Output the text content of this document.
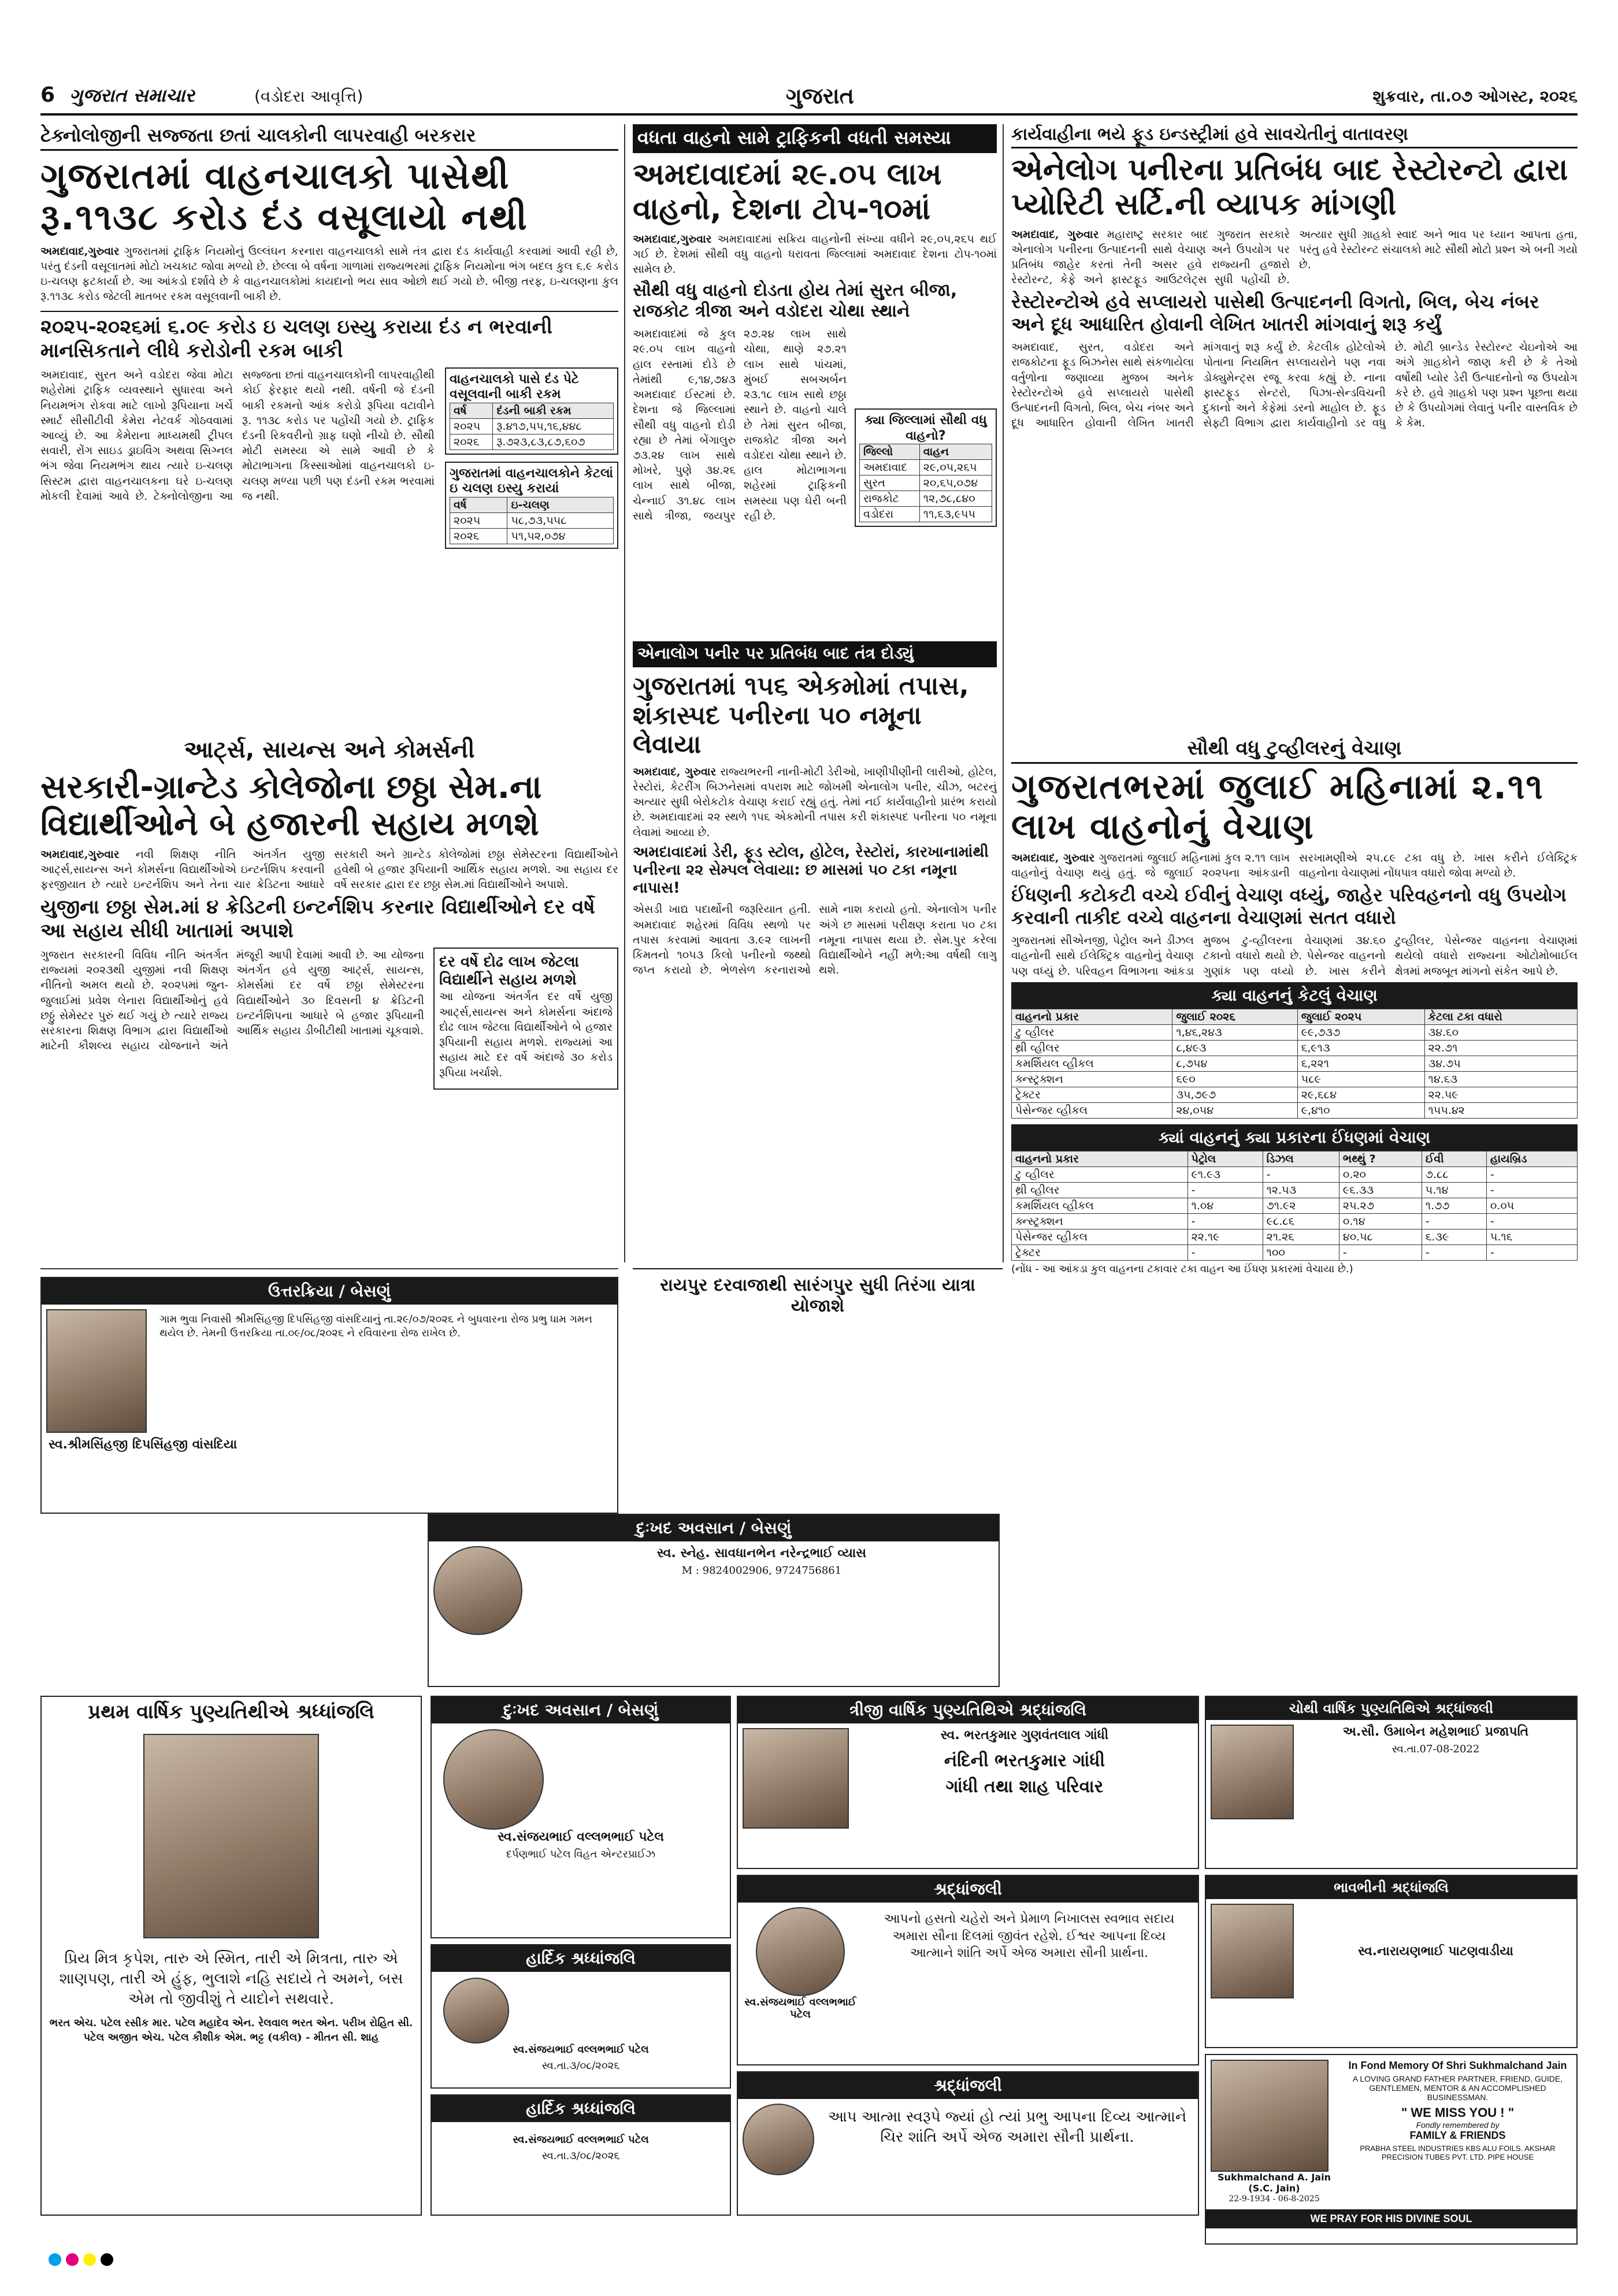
6 ગુજરાત સમાચાર	(વડોદરા આવૃત્તિ)	ગુજરાત	શુક્રવાર, તા.૦૭ ઓગસ્ટ, ૨૦૨૬
ટેક્નોલોજીની સજ્જતા છતાં ચાલકોની લાપરવાહી બરકરાર
ગુજરાતમાં વાહનચાલકો પાસેથી રૂ.૧૧૩૮ કરોડ દંડ વસૂલાયો નથી

અમદાવાદ,ગુરુવાર ગુજરાતમાં ટ્રાફિક નિયમોનું ઉલ્લંઘન કરનારા વાહનચાલકો સામે તંત્ર દ્વારા દંડ કાર્યવાહી કરવામાં આવી રહી છે, પરંતુ દંડની વસૂલાતમાં મોટો ખચકાટ જોવા મળ્યો છે. છેલ્લા બે વર્ષના ગાળામાં રાજ્યભરમાં ટ્રાફિક નિયમોના ભંગ બદલ કુલ ૬.૯ કરોડ ઇ-ચલણ ફટકાર્યા છે. આ આંકડો દર્શાવે છે કે વાહનચાલકોમાં કાયદાનો ભય સાવ ઓછો થઈ ગયો છે. બીજી તરફ, ઇ-ચલણના કુલ રૂ.૧૧૩૮ કરોડ જેટલી માતબર રકમ વસૂલવાની બાકી છે.

૨૦૨૫-૨૦૨૬માં ૬.૦૯ કરોડ ઇ ચલણ ઇસ્યુ કરાયા દંડ ન ભરવાની માનસિકતાને લીધે કરોડોની રકમ બાકી

અમદાવાદ, સુરત અને વડોદરા જેવા મોટા શહેરોમાં ટ્રાફિક વ્યવસ્થાને સુધારવા અને નિયમભંગ રોકવા માટે લાખો રૂપિયાના ખર્ચે સ્માર્ટ સીસીટીવી કેમેરા નેટવર્ક ગોઠવવામાં આવ્યું છે. આ કેમેરાના માધ્યમથી ટ્રીપલ સવારી, રોંગ સાઇડ ડ્રાઇવિંગ અથવા સિગ્નલ ભંગ જેવા નિયમભંગ થાય ત્યારે ઇ-ચલણ સિસ્ટમ દ્વારા વાહનચાલકના ઘરે ઇ-ચલણ મોકલી દેવામાં આવે છે. ટેક્નોલોજીના આ સજ્જતા છતાં વાહનચાલકોની લાપરવાહીથી કોઈ ફેરફાર થયો નથી. વર્ષની જે દંડની બાકી રકમનો આંક કરોડો રૂપિયા વટાવીને રૂ. ૧૧૩૮ કરોડ પર પહોંચી ગયો છે. ટ્રાફિક દંડની રિકવરીનો ગ્રાફ ઘણો નીચો છે. સૌથી મોટી સમસ્યા એ સામે આવી છે કે મોટાભાગના કિસ્સાઓમાં વાહનચાલકો ઇ-ચલણ મળ્યા પછી પણ દંડની રકમ ભરવામાં જ નથી.

વાહનચાલકો પાસે દંડ પેટે વસૂલવાની બાકી રકમ
વર્ષ	દંડની બાકી રકમ
૨૦૨૫	રૂ.૪૧૭,૫૫,૧૬,૪૪૮
૨૦૨૬	રૂ.૭૨૩,૮૩,૮૭,૬૦૭
ગુજરાતમાં વાહનચાલકોને કેટલાં ઇ ચલણ ઇસ્યુ કરાયાં
વર્ષ	ઇ-ચલણ
૨૦૨૫	૫૮,૭૩,૫૫૮
૨૦૨૬	૫૧,૫૨,૦૭૪
વધતા વાહનો સામે ટ્રાફિકની વધતી સમસ્યા
અમદાવાદમાં ૨૯.૦૫ લાખ વાહનો, દેશના ટોપ-૧૦માં

અમદાવાદ,ગુરુવાર અમદાવાદમાં સક્રિય વાહનોની સંખ્યા વધીને ૨૯,૦૫,૨૬૫ થઈ ગઈ છે. દેશમાં સૌથી વધુ વાહનો ધરાવતા જિલ્લામાં અમદાવાદ દેશના ટોપ-૧૦માં સામેલ છે.

સૌથી વધુ વાહનો દોડતા હોય તેમાં સુરત બીજા, રાજકોટ ત્રીજા અને વડોદરા ચોથા સ્થાને

અમદાવાદમાં જે કુલ ૨૯.૦૫ લાખ વાહનો હાલ રસ્તામાં દોડે છે તેમાંથી ૯,૧૪,૭૪૩ અમદાવાદ ઈસ્ટમાં છે. દેશના જે જિલ્લામાં સૌથી વધુ વાહનો દોડી રહ્યા છે તેમાં બેંગાલુરુ ૭૩.૨૪ લાખ સાથે મોખરે, પુણે ૩૪.૨૬ લાખ સાથે બીજા, ચેન્નાઈ ૩૧.૪૮ લાખ સાથે ત્રીજા, જયપુર ૨૭.૨૪ લાખ સાથે ચોથા, થાણે ૨૭.૨૧ લાખ સાથે પાંચમાં, મુંબઈ સબઅર્બન ૨૩.૧૮ લાખ સાથે છઠ્ઠા સ્થાને છે. વાહનો ચાલે છે તેમાં સુરત બીજા, રાજકોટ ત્રીજા અને વડોદરા ચોથા સ્થાને છે. હાલ મોટાભાગના શહેરમાં ટ્રાફિકની સમસ્યા પણ ઘેરી બની રહી છે.

ક્યા જિલ્લામાં સૌથી વધુ વાહનો?
જિલ્લો	વાહન
અમદાવાદ	૨૯,૦૫,૨૬૫
સુરત	૨૦,૬૫,૦૭૪
રાજકોટ	૧૨,૭૮,૮૪૦
વડોદરા	૧૧,૬૩,૯૫૫
એનાલોગ પનીર પર પ્રતિબંધ બાદ તંત્ર દોડ્યું
ગુજરાતમાં ૧૫૬ એકમોમાં તપાસ, શંકાસ્પદ પનીરના ૫૦ નમૂના લેવાયા

અમદાવાદ, ગુરુવાર રાજ્યભરની નાની-મોટી ડેરીઓ, ખાણીપીણીની લારીઓ, હોટેલ, રેસ્ટોરાં, કેટરીંગ બિઝનેસમાં વપરાશ માટે જોખમી એનાલોગ પનીર, ચીઝ, બટરનું અત્યાર સુધી બેરોકટોક વેચાણ કરાઈ રહ્યું હતું. તેમાં નઈ કાર્યવાહીનો પ્રારંભ કરાયો છે. અમદાવાદમાં ૨૨ સ્થળે ૧૫૬ એકમોની તપાસ કરી શંકાસ્પદ પનીરના ૫૦ નમૂના લેવામાં આવ્યા છે.

અમદાવાદમાં ડેરી, ફૂડ સ્ટોલ, હોટેલ, રેસ્ટોરાં, કારખાનામાંથી પનીરના ૨૨ સેમ્પલ લેવાયા: છ માસમાં ૫૦ ટકા નમૂના નાપાસ!

એસડી ખાદ્ય પદાર્થોની જરૂરિયાત હતી. અમદાવાદ શહેરમાં વિવિધ સ્થળો પર તપાસ કરવામાં આવતા ૩.૯૨ લાખની કિંમતનો ૧૦૫૩ કિલો પનીરનો જથ્થો જપ્ત કરાયો છે. ભેળસેળ કરનારાઓ સામે નાશ કરાયો હતો. એનાલોગ પનીર અંગે છ માસમાં પરીક્ષણ કરાતા ૫૦ ટકા નમૂના નાપાસ થયા છે. સેમ.પુર કરેલા વિદ્યાર્થીઓને નહીં મળે:આ વર્ષથી લાગુ થશે.

કાર્યવાહીના ભયે ફૂડ ઇન્ડસ્ટ્રીમાં હવે સાવચેતીનું વાતાવરણ
એનેલોગ પનીરના પ્રતિબંધ બાદ રેસ્ટોરન્ટો દ્વારા પ્યોરિટી સર્ટિ.ની વ્યાપક માંગણી

અમદાવાદ, ગુરુવાર મહારાષ્ટ્ર સરકાર બાદ ગુજરાત સરકારે એનાલોગ પનીરના ઉત્પાદનની સાથે વેચાણ અને ઉપયોગ પર પ્રતિબંધ જાહેર કરતાં તેની અસર હવે રાજ્યની હજારો રેસ્ટોરન્ટ, કેફે અને ફાસ્ટફૂડ આઉટલેટ્સ સુધી પહોંચી છે. અત્યાર સુધી ગ્રાહકો સ્વાદ અને ભાવ પર ધ્યાન આપતા હતા, પરંતુ હવે રેસ્ટોરન્ટ સંચાલકો માટે સૌથી મોટો પ્રશ્ન એ બની ગયો છે.

રેસ્ટોરન્ટોએ હવે સપ્લાયરો પાસેથી ઉત્પાદનની વિગતો, બિલ, બેચ નંબર અને દૂધ આધારિત હોવાની લેખિત ખાતરી માંગવાનું શરૂ કર્યું

અમદાવાદ, સુરત, વડોદરા અને રાજકોટના ફૂડ બિઝનેસ સાથે સંકળાયેલા વર્તુળોના જણાવ્યા મુજબ અનેક રેસ્ટોરન્ટોએ હવે સપ્લાયરો પાસેથી ઉત્પાદનની વિગતો, બિલ, બેચ નંબર અને દૂધ આધારિત હોવાની લેખિત ખાતરી માંગવાનું શરૂ કર્યું છે. કેટલીક હોટેલોએ પોતાના નિયમિત સપ્લાયરોને પણ નવા ડોક્યુમેન્ટ્સ રજૂ કરવા કહ્યું છે. નાના ફાસ્ટફૂડ સેન્ટરો, પિઝા-સેન્ડવિચની દુકાનો અને કેફેમાં ડરનો માહોલ છે. ફૂડ સેફ્ટી વિભાગ દ્વારા કાર્યવાહીનો ડર વધુ છે. મોટી બ્રાન્ડેડ રેસ્ટોરન્ટ ચેઇનોએ આ અંગે ગ્રાહકોને જાણ કરી છે કે તેઓ વર્ષોથી પ્યોર ડેરી ઉત્પાદનોનો જ ઉપયોગ કરે છે. હવે ગ્રાહકો પણ પ્રશ્ન પૂછતા થયા છે કે ઉપયોગમાં લેવાતું પનીર વાસ્તવિક છે કે કેમ.

આર્ટ્સ, સાયન્સ અને કોમર્સની
સરકારી-ગ્રાન્ટેડ કોલેજોના છઠ્ઠા સેમ.ના વિદ્યાર્થીઓને બે હજારની સહાય મળશે

અમદાવાદ,ગુરુવાર નવી શિક્ષણ નીતિ અંતર્ગત યુજી આર્ટ્સ,સાયન્સ અને કોમર્સના વિદ્યાર્થીઓએ ઇન્ટર્નશિપ કરવાની ફરજીયાત છે ત્યારે ઇન્ટર્નશિપ અને તેના ચાર ક્રેડિટના આધારે સરકારી અને ગ્રાન્ટેડ કોલેજોમાં છઠ્ઠા સેમેસ્ટરના વિદ્યાર્થીઓને હવેથી બે હજાર રૂપિયાની આર્થિક સહાય મળશે. આ સહાય દર વર્ષે સરકાર દ્વારા દર છઠ્ઠા સેમ.માં વિદ્યાર્થીઓને અપાશે.

યુજીના છઠ્ઠા સેમ.માં ૪ ક્રેડિટની ઇન્ટર્નશિપ કરનાર વિદ્યાર્થીઓને દર વર્ષે આ સહાય સીધી ખાતામાં અપાશે

ગુજરાત સરકારની વિવિધ નીતિ અંતર્ગત રાજ્યમાં ૨૦૨૩થી યુજીમાં નવી શિક્ષણ નીતિનો અમલ થયો છે. ૨૦૨૫માં જુન-જુલાઈમાં પ્રવેશ લેનારા વિદ્યાર્થીઓનું હવે છઠ્ઠું સેમેસ્ટર પુરું થઈ ગયું છે ત્યારે રાજ્ય સરકારના શિક્ષણ વિભાગ દ્વારા વિદ્યાર્થીઓ માટેની કૌશલ્ય સહાય યોજનાને અંતે મંજૂરી આપી દેવામાં આવી છે. આ યોજના અંતર્ગત હવે યુજી આર્ટ્સ, સાયન્સ, કોમર્સમાં દર વર્ષે છઠ્ઠા સેમેસ્ટરના વિદ્યાર્થીઓને ૩૦ દિવસની ૪ ક્રેડિટની ઇન્ટર્નશિપના આધારે બે હજાર રૂપિયાની આર્થિક સહાય ડીબીટીથી ખાતામાં ચૂકવાશે.

દર વર્ષે દોઢ લાખ જેટલા વિદ્યાર્થીને સહાય મળશે

આ યોજના અંતર્ગત દર વર્ષે યુજી આર્ટ્સ,સાયન્સ અને કોમર્સના અંદાજે દોઢ લાખ જેટલા વિદ્યાર્થીઓને બે હજાર રૂપિયાની સહાય મળશે. રાજ્યમાં આ સહાય માટે દર વર્ષે અંદાજે ૩૦ કરોડ રૂપિયા ખર્ચાશે.

સૌથી વધુ ટુવ્હીલરનું વેચાણ
ગુજરાતભરમાં જુલાઈ મહિનામાં ૨.૧૧ લાખ વાહનોનું વેચાણ

અમદાવાદ, ગુરુવાર ગુજરાતમાં જુલાઈ મહિનામાં કુલ ૨.૧૧ લાખ વાહનોનું વેચાણ થયું હતું. જે જુલાઈ ૨૦૨૫ના આંકડાની સરખામણીએ ૨૫.૮૯ ટકા વધુ છે. ખાસ કરીને ઈલેક્ટ્રિક વાહનોના વેચાણમાં નોંધપાત્ર વધારો જોવા મળ્યો છે.

ઈંધણની કટોકટી વચ્ચે ઈવીનું વેચાણ વધ્યું, જાહેર પરિવહનનો વધુ ઉપયોગ કરવાની તાકીદ વચ્ચે વાહનના વેચાણમાં સતત વધારો

ગુજરાતમાં સીએનજી, પેટ્રોલ અને ડીઝલ વાહનોની સાથે ઈલેક્ટ્રિક વાહનોનું વેચાણ પણ વધ્યું છે. પરિવહન વિભાગના આંકડા મુજબ ટુ-વ્હીલરના વેચાણમાં ૩૪.૬૦ ટકાનો વધારો થયો છે. પેસેન્જર વાહનનો ગુણાંક પણ વધ્યો છે. ખાસ કરીને ટુવ્હીલર, પેસેન્જર વાહનના વેચાણમાં થયેલો વધારો રાજ્યના ઓટોમોબાઈલ ક્ષેત્રમાં મજબૂત માંગનો સંકેત આપે છે.

ક્યા વાહનનું કેટલું વેચાણ
વાહનનો પ્રકાર	જુલાઈ ૨૦૨૬	જુલાઈ ૨૦૨૫	કેટલા ટકા વધારો
ટુ વ્હીલર	૧,૪૬,૨૪૩	૯૯,૭૩૭	૩૪.૬૦
થ્રી વ્હીલર	૮,૪૯૩	૬,૯૧૩	૨૨.૭૧
કમર્શિયલ વ્હીકલ	૮,૭૫૪	૬,૨૨૧	૩૪.૭૫
ક્ન્સ્ટ્રક્શન	૬૯૦	૫૮૯	૧૪.૬૩
ટ્રેક્ટર	૩૫,૭૯૭	૨૯,૬૮૪	૨૨.૫૯
પેસેન્જર વ્હીકલ	૨૪,૦૫૪	૯,૪૧૦	૧૫૫.૪૨
ક્યાં વાહનનું ક્યા પ્રકારના ઈંધણમાં વેચાણ
વાહનનો પ્રકાર	પેટ્રોલ	ડિઝલ	ભથ્થું ?	ઈવી	હાયબ્રિડ
ટુ વ્હીલર	૯૧.૯૩	-	૦.૨૦	૭.૮૮	-
થ્રી વ્હીલર	-	૧૨.૫૩	૯૬.૩૩	૫.૧૪	-
કમર્શિયલ વ્હીકલ	૧.૦૪	૭૧.૯૨	૨૫.૨૭	૧.૭૭	૦.૦૫
ક્ન્સ્ટ્રક્શન	-	૯૮.૮૬	૦.૧૪	-	-
પેસેન્જર વ્હીકલ	૨૨.૧૯	૨૧.૨૬	૪૦.૫૮	૬.૩૯	૫.૧૬
ટ્રેક્ટર	-	૧૦૦	-	-	-
(નોંધ - આ આંકડા કુલ વાહનના ટકાવાર ટકા વાહન આ ઈંધણ પ્રકારમાં વેચાયા છે.)
રાયપુર દરવાજાથી સારંગપુર સુધી તિરંગા યાત્રા યોજાશે
ઉત્તરક્રિયા / બેસણું
ગામ ભુવા નિવાસી શ્રીમસિંહજી દિપસિંહજી વાંસદિયાનું તા.૨૯/૦૭/૨૦૨૬ ને બુધવારના રોજ પ્રભુ ધામ ગમન થયેલ છે. તેમની ઉત્તરક્રિયા તા.૦૯/૦૮/૨૦૨૬ ને રવિવારના રોજ રાખેલ છે.
સ્વ.શ્રીમસિંહજી દિપસિંહજી વાંસદિયા
દુઃખદ અવસાન / બેસણું
સ્વ. સ્નેહ. સાવધાનભેન નરેન્દ્રભાઈ વ્યાસ
M : 9824002906, 9724756861
પ્રથમ વાર્ષિક પુણ્યતિથીએ શ્રધ્ધાંજલિ
પ્રિય મિત્ર કૃપેશ, તારુ એ સ્મિત, તારી એ મિત્રતા, તારુ એ શાણપણ, તારી એ હુંફ, ભુલાશે નહિ સદાયે તે અમને, બસ એમ તો જીવીશું તે યાદોને સથવારે.
ભરત એચ. પટેલ રસીક માર. પટેલ મહાદેવ એન. રેલવાલ ભરત એન. પરીખ રોહિત સી. પટેલ અજીત એચ. પટેલ કૌશીક એમ. ભટ્ટ (વકીલ) - મીતન સી. શાહ
દુઃખદ અવસાન / બેસણું
સ્વ.સંજયભાઈ વલ્લભભાઈ પટેલ
દર્પણભાઈ પટેલ વિહત એન્ટરપ્રાઈઝ
હાર્દિક શ્રધ્ધાંજલિ
સ્વ.સંજયભાઈ વલ્લભભાઈ પટેલ
સ્વ.તા.૩/૦૮/૨૦૨૬
હાર્દિક શ્રધ્ધાંજલિ
સ્વ.સંજયભાઈ વલ્લભભાઈ પટેલ
સ્વ.તા.૩/૦૮/૨૦૨૬
ત્રીજી વાર્ષિક પુણ્યતિથિએ શ્રદ્ધાંજલિ
સ્વ. ભરતકુમાર ગુણવંતલાલ ગાંધી
નંદિની ભરતકુમાર ગાંધી
ગાંધી તથા શાહ પરિવાર
શ્રદ્ધાંજલી
સ્વ.સંજયભાઈ વલ્લભભાઈ પટેલ
આપનો હસતો ચહેરો અને પ્રેમાળ નિખાલસ સ્વભાવ સદાય અમારા સૌના દિલમાં જીવંત રહેશે. ઈશ્વર આપના દિવ્ય આત્માને શાંતિ અર્પે એજ અમારા સૌની પ્રાર્થના.
શ્રદ્ધાંજલી
આપ આત્મા સ્વરૂપે જ્યાં હો ત્યાં પ્રભુ આપના દિવ્ય આત્માને ચિર શાંતિ અર્પે એજ અમારા સૌની પ્રાર્થના.
ચોથી વાર્ષિક પુણ્યતિથિએ શ્રદ્ધાંજલી
અ.સૌ. ઉમાબેન મહેશભાઈ પ્રજાપતિ
સ્વ.તા.07-08-2022
ભાવભીની શ્રદ્ધાંજલિ
સ્વ.નારાયણભાઈ પાટણવાડીયા
Sukhmalchand A. Jain (S.C. Jain)
22-9-1934 - 06-8-2025
In Fond Memory Of Shri Sukhmalchand Jain
A LOVING GRAND FATHER PARTNER, FRIEND, GUIDE, GENTLEMEN, MENTOR & AN ACCOMPLISHED BUSINESSMAN.
" WE MISS YOU ! "
Fondly remembered by
FAMILY & FRIENDS
PRABHA STEEL INDUSTRIES KBS ALU FOILS. AKSHAR PRECISION TUBES PVT. LTD. PIPE HOUSE
WE PRAY FOR HIS DIVINE SOUL
